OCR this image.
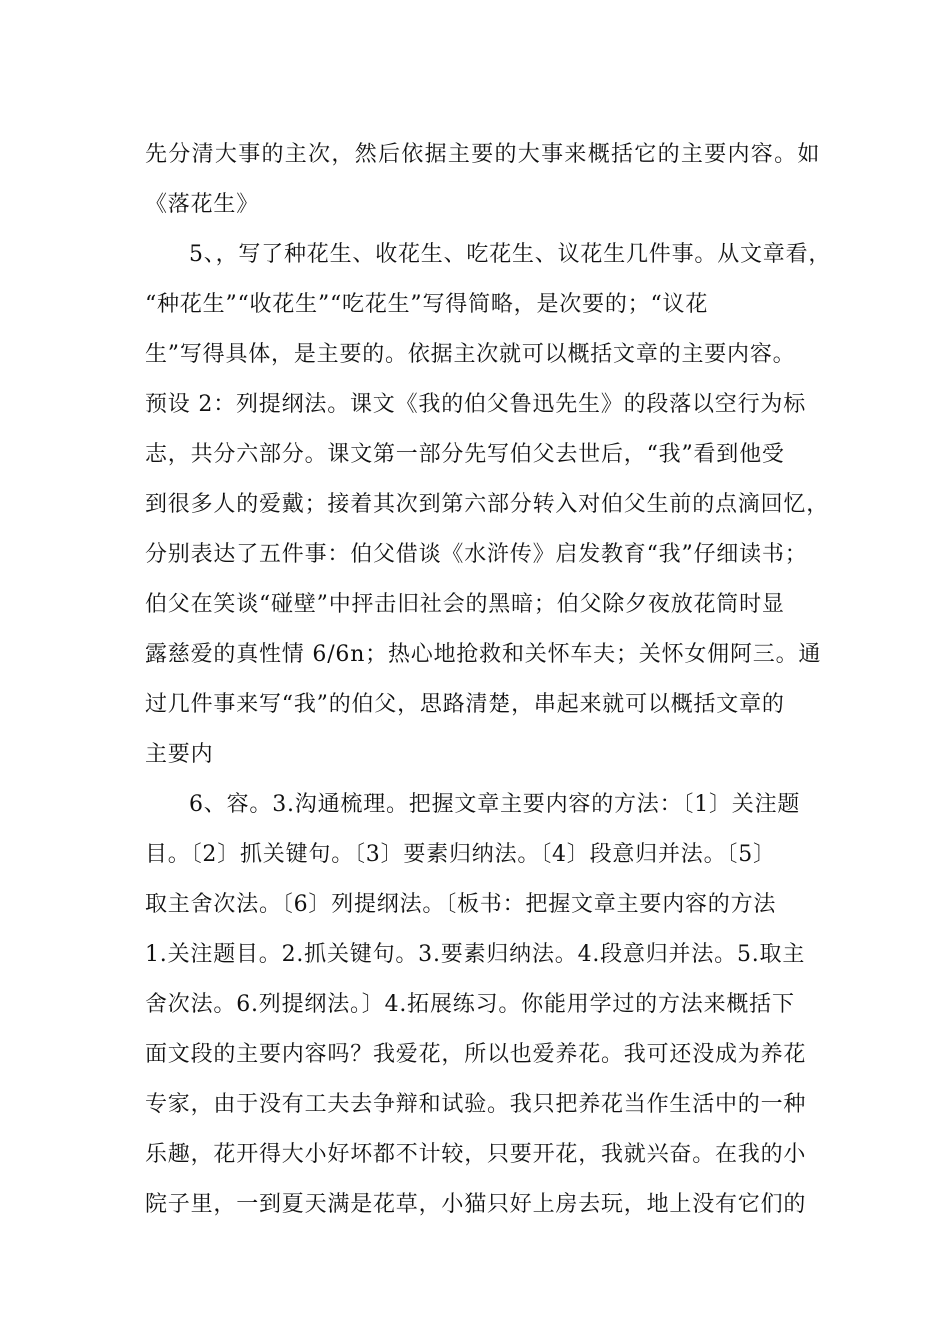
先分清大事的主次，然后依据主要的大事来概括它的主要内容。如
《落花生》
5、，写了种花生、收花生、吃花生、议花生几件事。从文章看，
“种花生”“收花生”“吃花生”写得简略，是次要的；“议花
生”写得具体，是主要的。依据主次就可以概括文章的主要内容。
预设 2：列提纲法。课文《我的伯父鲁迅先生》的段落以空行为标
志，共分六部分。课文第一部分先写伯父去世后，“我”看到他受
到很多人的爱戴；接着其次到第六部分转入对伯父生前的点滴回忆，
分别表达了五件事：伯父借谈《水浒传》启发教育“我”仔细读书；
伯父在笑谈“碰壁”中抨击旧社会的黑暗；伯父除夕夜放花筒时显
露慈爱的真性情 6/6n；热心地抢救和关怀车夫；关怀女佣阿三。通
过几件事来写“我”的伯父，思路清楚，串起来就可以概括文章的
主要内
6、容。3.沟通梳理。把握文章主要内容的方法：〔1〕关注题
目。〔2〕抓关键句。〔3〕要素归纳法。〔4〕段意归并法。〔5〕
取主舍次法。〔6〕列提纲法。〔板书：把握文章主要内容的方法
1.关注题目。2.抓关键句。3.要素归纳法。4.段意归并法。5.取主
舍次法。6.列提纲法。〕4.拓展练习。你能用学过的方法来概括下
面文段的主要内容吗？我爱花，所以也爱养花。我可还没成为养花
专家，由于没有工夫去争辩和试验。我只把养花当作生活中的一种
乐趣，花开得大小好坏都不计较，只要开花，我就兴奋。在我的小
院子里，一到夏天满是花草，小猫只好上房去玩，地上没有它们的
